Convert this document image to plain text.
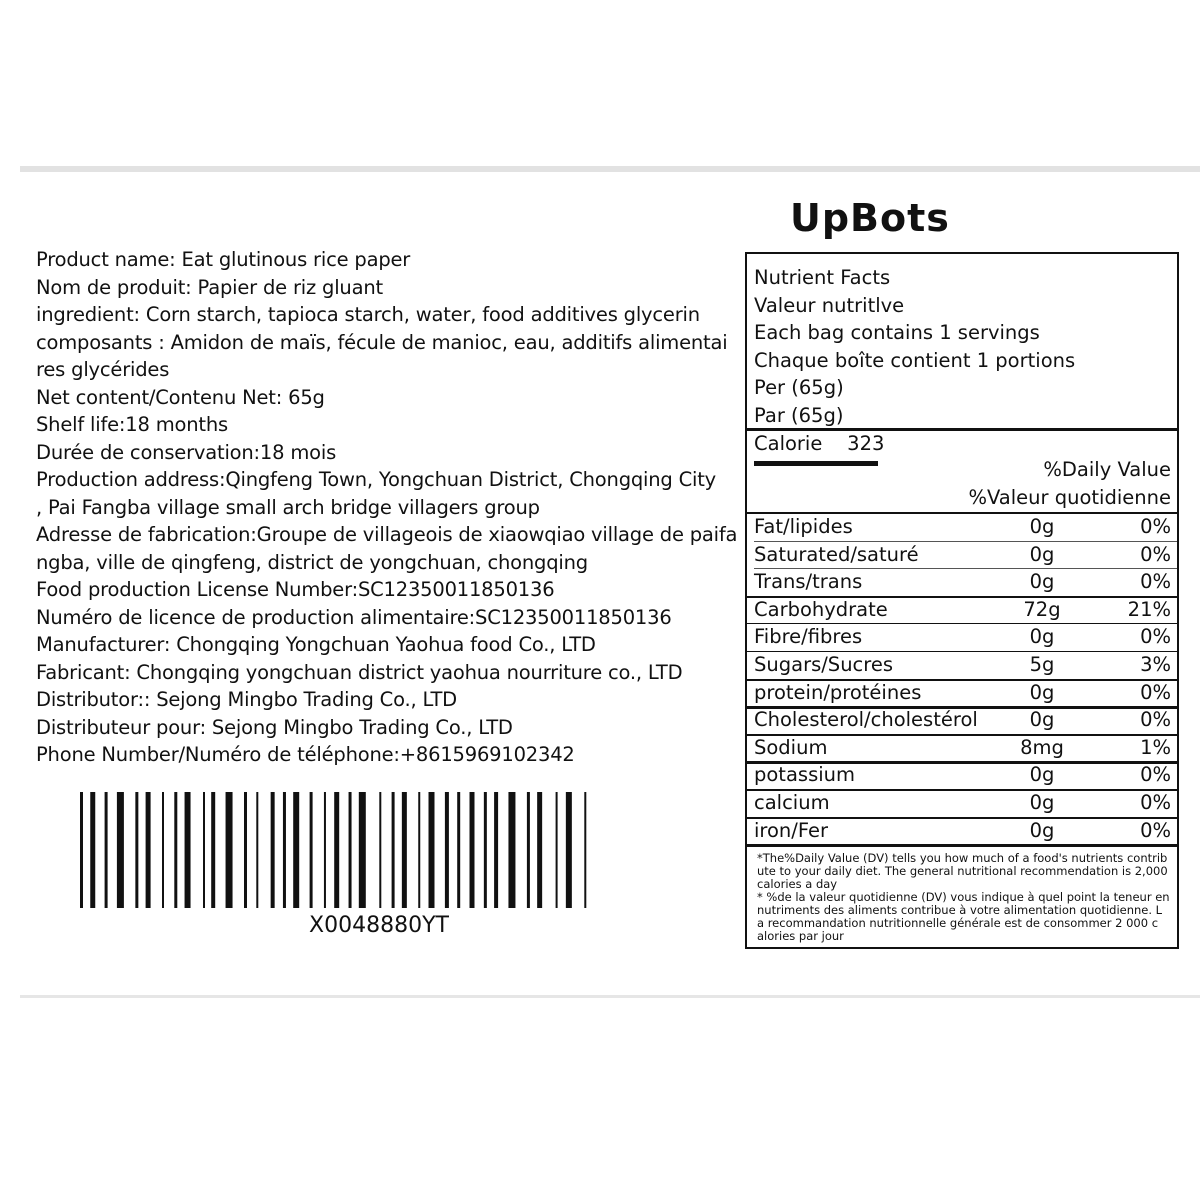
UpBots
Product name: Eat glutinous rice paper
Nom de produit: Papier de riz gluant
ingredient: Corn starch, tapioca starch, water, food additives glycerin
composants : Amidon de maïs, fécule de manioc, eau, additifs alimentai
res glycérides
Net content/Contenu Net: 65g
Shelf life:18 months
Durée de conservation:18 mois
Production address:Qingfeng Town, Yongchuan District, Chongqing City
, Pai Fangba village small arch bridge villagers group
Adresse de fabrication:Groupe de villageois de xiaowqiao village de paifa
ngba, ville de qingfeng, district de yongchuan, chongqing
Food production License Number:SC12350011850136
Numéro de licence de production alimentaire:SC12350011850136
Manufacturer: Chongqing Yongchuan Yaohua food Co., LTD
Fabricant: Chongqing yongchuan district yaohua nourriture co., LTD
Distributor:: Sejong Mingbo Trading Co., LTD
Distributeur pour: Sejong Mingbo Trading Co., LTD
Phone Number/Numéro de téléphone:+8615969102342
X0048880YT
Nutrient Facts
Valeur nutritlve
Each bag contains 1 servings
Chaque boîte contient 1 portions
Per (65g)
Par (65g)
Calorie 323
%Daily Value
%Valeur quotidienne
Fat/lipides	0g	0%
Saturated/saturé	0g	0%
Trans/trans	0g	0%
Carbohydrate	72g	21%
Fibre/fibres	0g	0%
Sugars/Sucres	5g	3%
protein/protéines	0g	0%
Cholesterol/cholestérol	0g	0%
Sodium	8mg	1%
potassium	0g	0%
calcium	0g	0%
iron/Fer	0g	0%
*The%Daily Value (DV) tells you how much of a food's nutrients contrib
ute to your daily diet. The general nutritional recommendation is 2,000
calories a day
* %de la valeur quotidienne (DV) vous indique à quel point la teneur en
nutriments des aliments contribue à votre alimentation quotidienne. L
a recommandation nutritionnelle générale est de consommer 2 000 c
alories par jour
